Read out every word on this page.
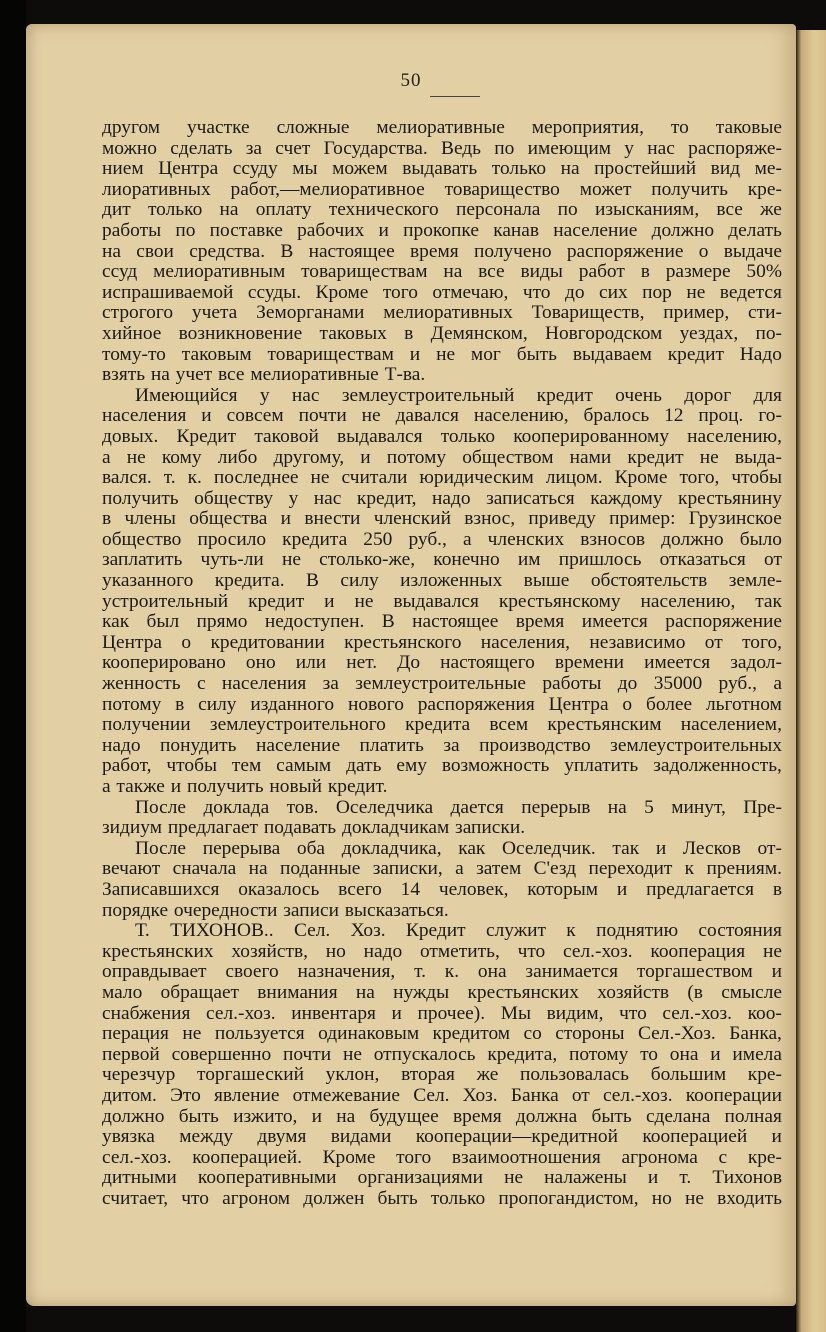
50
другом участке сложные мелиоративные мероприятия, то таковые
можно сделать за счет Государства. Ведь по имеющим у нас распоряже-
нием Центра ссуду мы можем выдавать только на простейший вид ме-
лиоративных работ,—мелиоративное товарищество может получить кре-
дит только на оплату технического персонала по изысканиям, все же
работы по поставке рабочих и прокопке канав население должно делать
на свои средства. В настоящее время получено распоряжение о выдаче
ссуд мелиоративным товариществам на все виды работ в размере 50%
испрашиваемой ссуды. Кроме того отмечаю, что до сих пор не ведется
строгого учета Земорганами мелиоративных Товариществ, пример, сти-
хийное возникновение таковых в Демянском, Новгородском уездах, по-
тому-то таковым товариществам и не мог быть выдаваем кредит Надо
взять на учет все мелиоративные Т-ва.
Имеющийся у нас землеустроительный кредит очень дорог для
населения и совсем почти не давался населению, бралось 12 проц. го-
довых. Кредит таковой выдавался только кооперированному населению,
а не кому либо другому, и потому обществом нами кредит не выда-
вался. т. к. последнее не считали юридическим лицом. Кроме того, чтобы
получить обществу у нас кредит, надо записаться каждому крестьянину
в члены общества и внести членский взнос, приведу пример: Грузинское
общество просило кредита 250 руб., а членских взносов должно было
заплатить чуть-ли не столько-же, конечно им пришлось отказаться от
указанного кредита. В силу изложенных выше обстоятельств земле-
устроительный кредит и не выдавался крестьянскому населению, так
как был прямо недоступен. В настоящее время имеется распоряжение
Центра о кредитовании крестьянского населения, независимо от того,
кооперировано оно или нет. До настоящего времени имеется задол-
женность с населения за землеустроительные работы до 35000 руб., а
потому в силу изданного нового распоряжения Центра о более льготном
получении землеустроительного кредита всем крестьянским населением,
надо понудить население платить за производство землеустроительных
работ, чтобы тем самым дать ему возможность уплатить задолженность,
а также и получить новый кредит.
После доклада тов. Оселедчика дается перерыв на 5 минут, Пре-
зидиум предлагает подавать докладчикам записки.
После перерыва оба докладчика, как Оселедчик. так и Лесков от-
вечают сначала на поданные записки, а затем С'езд переходит к прениям.
Записавшихся оказалось всего 14 человек, которым и предлагается в
порядке очередности записи высказаться.
Т. ТИХОНОВ.. Сел. Хоз. Кредит служит к поднятию состояния
крестьянских хозяйств, но надо отметить, что сел.-хоз. кооперация не
оправдывает своего назначения, т. к. она занимается торгашеством и
мало обращает внимания на нужды крестьянских хозяйств (в смысле
снабжения сел.-хоз. инвентаря и прочее). Мы видим, что сел.-хоз. коо-
перация не пользуется одинаковым кредитом со стороны Сел.-Хоз. Банка,
первой совершенно почти не отпускалось кредита, потому то она и имела
черезчур торгашеский уклон, вторая же пользовалась большим кре-
дитом. Это явление отмежевание Сел. Хоз. Банка от сел.-хоз. кооперации
должно быть изжито, и на будущее время должна быть сделана полная
увязка между двумя видами кооперации—кредитной кооперацией и
сел.-хоз. кооперацией. Кроме того взаимоотношения агронома с кре-
дитными кооперативными организациями не налажены и т. Тихонов
считает, что агроном должен быть только пропогандистом, но не входить
